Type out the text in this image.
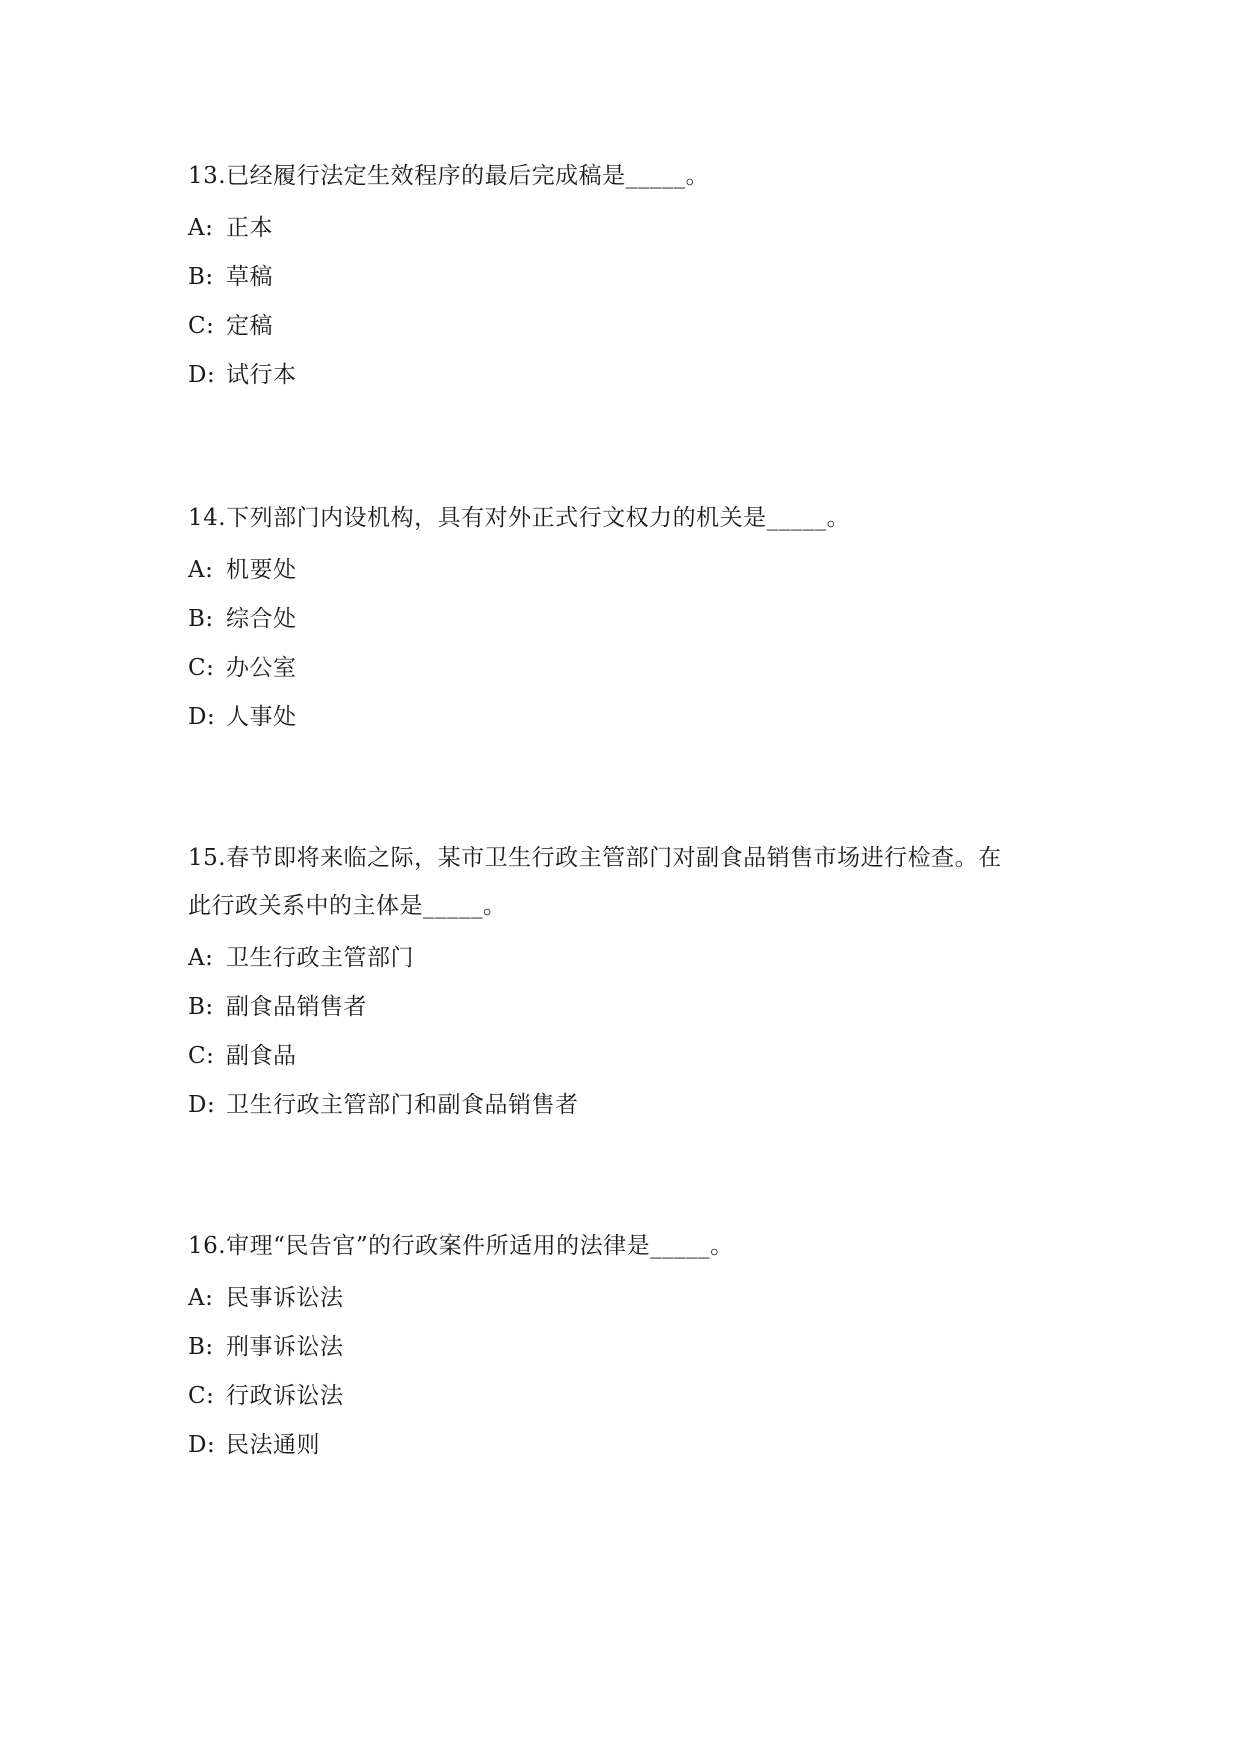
13.已经履行法定生效程序的最后完成稿是_____。

A: 正本

B: 草稿

C: 定稿

D: 试行本

14.下列部门内设机构，具有对外正式行文权力的机关是_____。

A: 机要处

B: 综合处

C: 办公室

D: 人事处

15.春节即将来临之际，某市卫生行政主管部门对副食品销售市场进行检查。在

此行政关系中的主体是_____。

A: 卫生行政主管部门

B: 副食品销售者

C: 副食品

D: 卫生行政主管部门和副食品销售者

16.审理“民告官”的行政案件所适用的法律是_____。

A: 民事诉讼法

B: 刑事诉讼法

C: 行政诉讼法

D: 民法通则
